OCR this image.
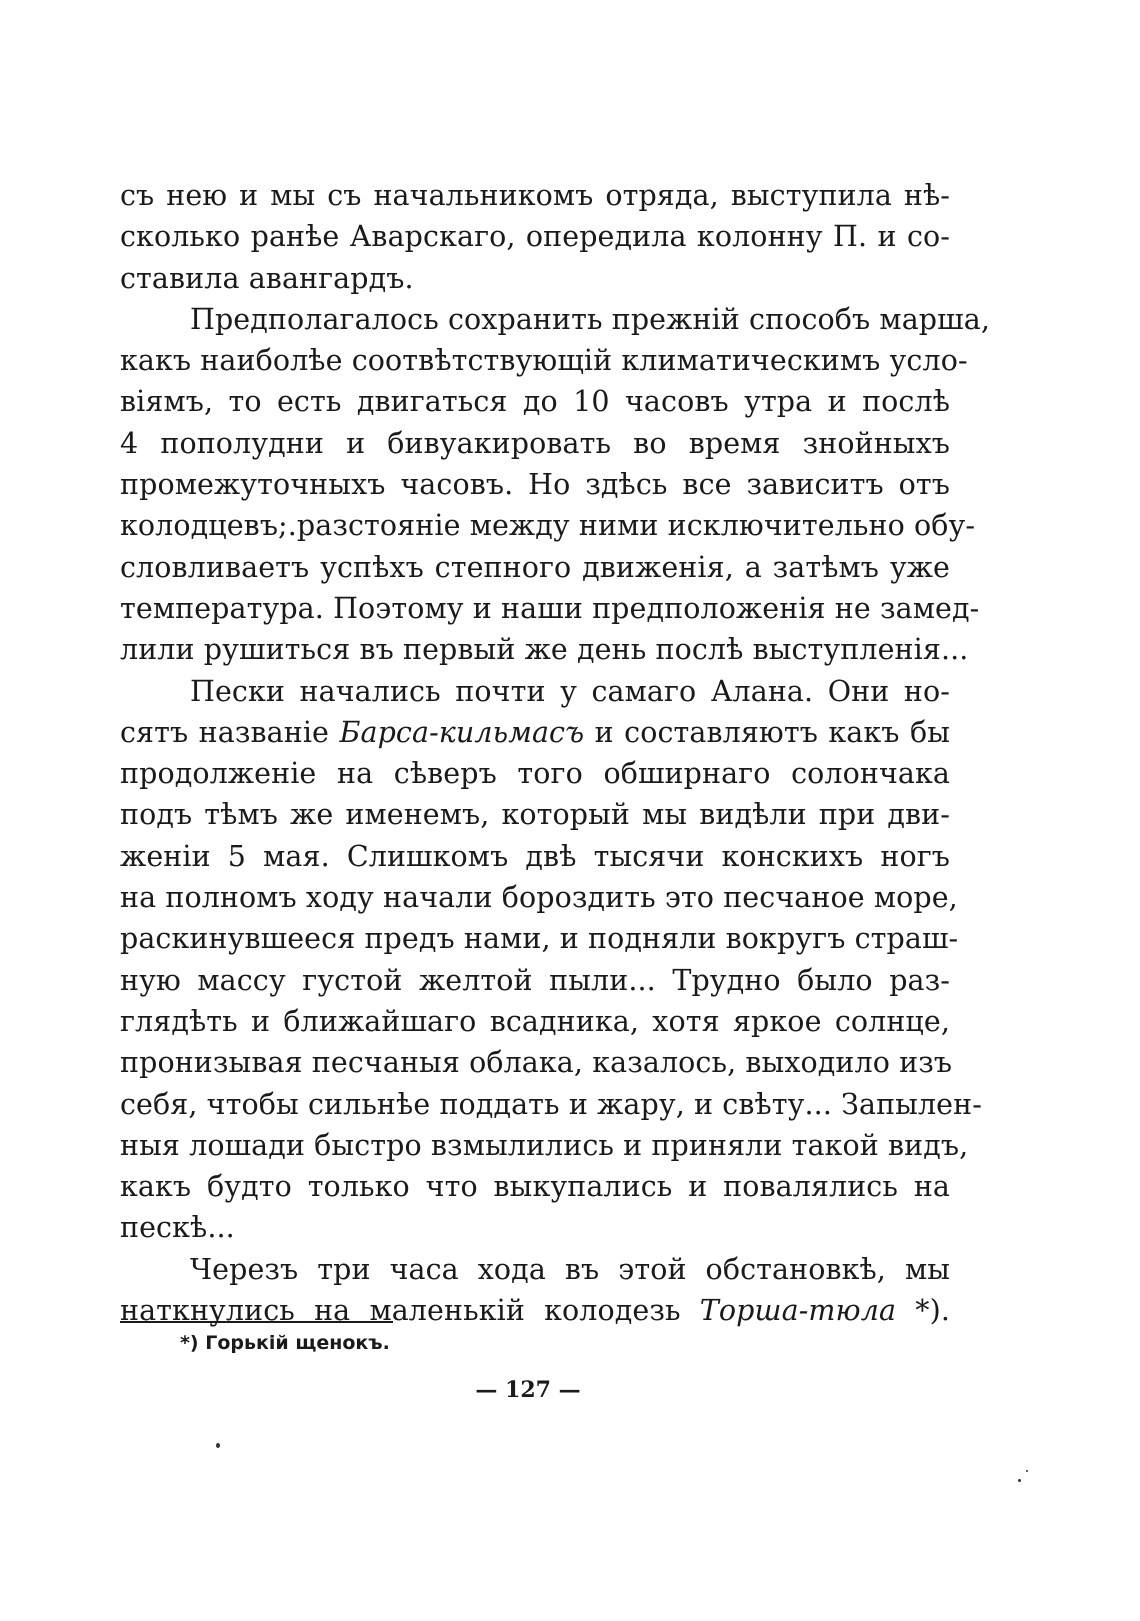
съ нею и мы съ начальникомъ отряда, выступила нѣ-
сколько ранѣе Аварскаго, опередила колонну П. и со-
ставила авангардъ.
Предполагалось сохранить прежнiй способъ марша,
какъ наиболѣе соотвѣтствующiй климатическимъ усло-
вiямъ, то есть двигаться до 10 часовъ утра и послѣ
4 пополудни и бивуакировать во время знойныхъ
промежуточныхъ часовъ. Но здѣсь все зависитъ отъ
колодцевъ;.разстоянiе между ними исключительно обу-
словливаетъ успѣхъ степного движенiя, а затѣмъ уже
температура. Поэтому и наши предположенiя не замед-
лили рушиться въ первый же день послѣ выступленiя...
Пески начались почти у самаго Алана. Они но-
сятъ названiе Барса-кильмасъ и составляютъ какъ бы
продолженiе на сѣверъ того обширнаго солончака
подъ тѣмъ же именемъ, который мы видѣли при дви-
женiи 5 мая. Слишкомъ двѣ тысячи конскихъ ногъ
на полномъ ходу начали бороздить это песчаное море,
раскинувшееся предъ нами, и подняли вокругъ страш-
ную массу густой желтой пыли... Трудно было раз-
глядѣть и ближайшаго всадника, хотя яркое солнце,
пронизывая песчаныя облака, казалось, выходило изъ
себя, чтобы сильнѣе поддать и жару, и свѣту... Запылен-
ныя лошади быстро взмылились и приняли такой видъ,
какъ будто только что выкупались и повалялись на
пескѣ...
Черезъ три часа хода въ этой обстановкѣ, мы
наткнулись на маленькiй колодезь Торша-тюла *).
*) Горькiй щенокъ.
— 127 —
